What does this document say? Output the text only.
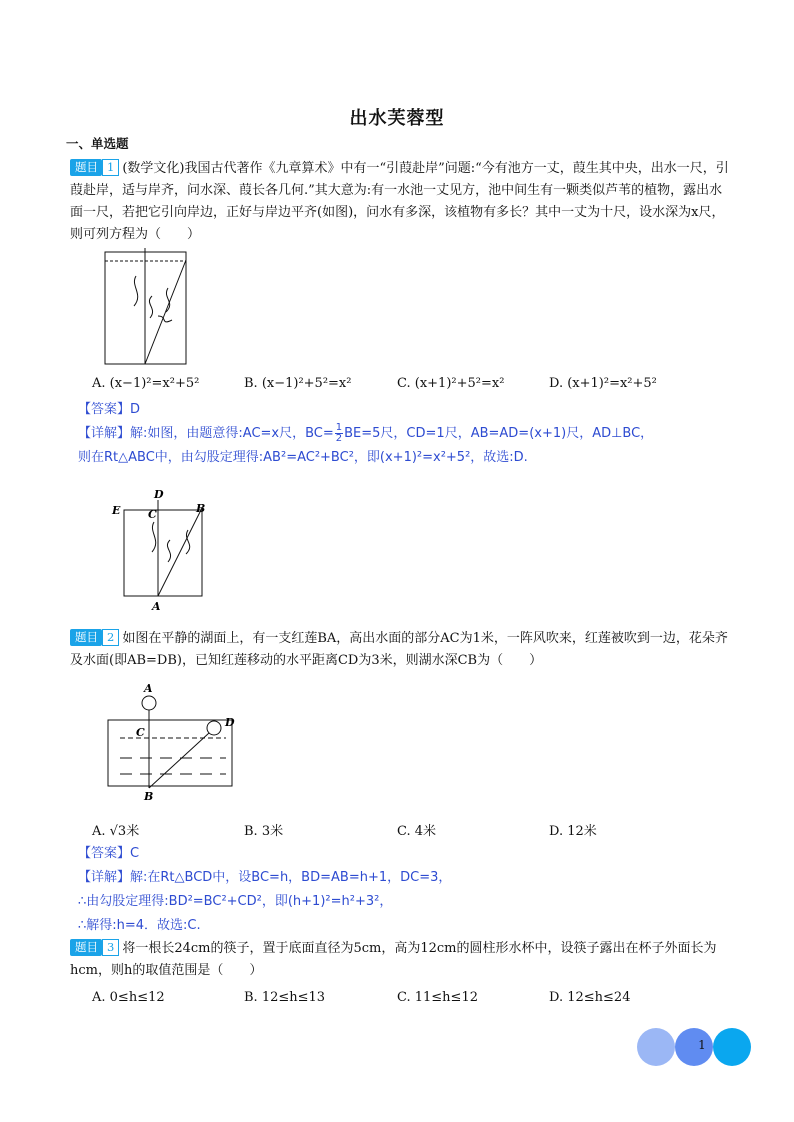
出水芙蓉型
一、单选题
题目 1 (数学文化)我国古代著作《九章算术》中有一“引葭赴岸”问题:“今有池方一丈，葭生其中央，出水一尺，引葭赴岸，适与岸齐，问水深、葭长各几何.”其大意为:有一水池一丈见方，池中间生有一颗类似芦苇的植物，露出水面一尺，若把它引向岸边，正好与岸边平齐(如图)，问水有多深，该植物有多长？其中一丈为十尺，设水深为x尺，则可列方程为（　　）
A. (x−1)²=x²+5²	B. (x−1)²+5²=x²	C. (x+1)²+5²=x²	D. (x+1)²=x²+5²
【答案】D
【详解】解:如图，由题意得:AC=x尺，$BC= \frac{1}{2} BE=5$尺，CD=1尺，AB=AD=(x+1)尺，AD⊥BC，
则在Rt△ABC中，由勾股定理得:AB²=AC²+BC²，即(x+1)²=x²+5²，故选:D.
D
C
E	B
A
题目 2 如图在平静的湖面上，有一支红莲BA，高出水面的部分AC为1米，一阵风吹来，红莲被吹到一边，花朵齐及水面(即AB=DB)，已知红莲移动的水平距离CD为3米，则湖水深CB为（　　）
A
C
D
B
A. √3米	B. 3米	C. 4米	D. 12米
【答案】C
【详解】解:在Rt△BCD中，设BC=h，BD=AB=h+1，DC=3，
∴由勾股定理得:BD²=BC²+CD²，即(h+1)²=h²+3²，
∴解得:h=4．故选:C.
题目 3 将一根长24cm的筷子，置于底面直径为5cm，高为12cm的圆柱形水杯中，设筷子露出在杯子外面长为hcm，则h的取值范围是（　　）
A. 0≤h≤12	B. 12≤h≤13	C. 11≤h≤12	D. 12≤h≤24
1
